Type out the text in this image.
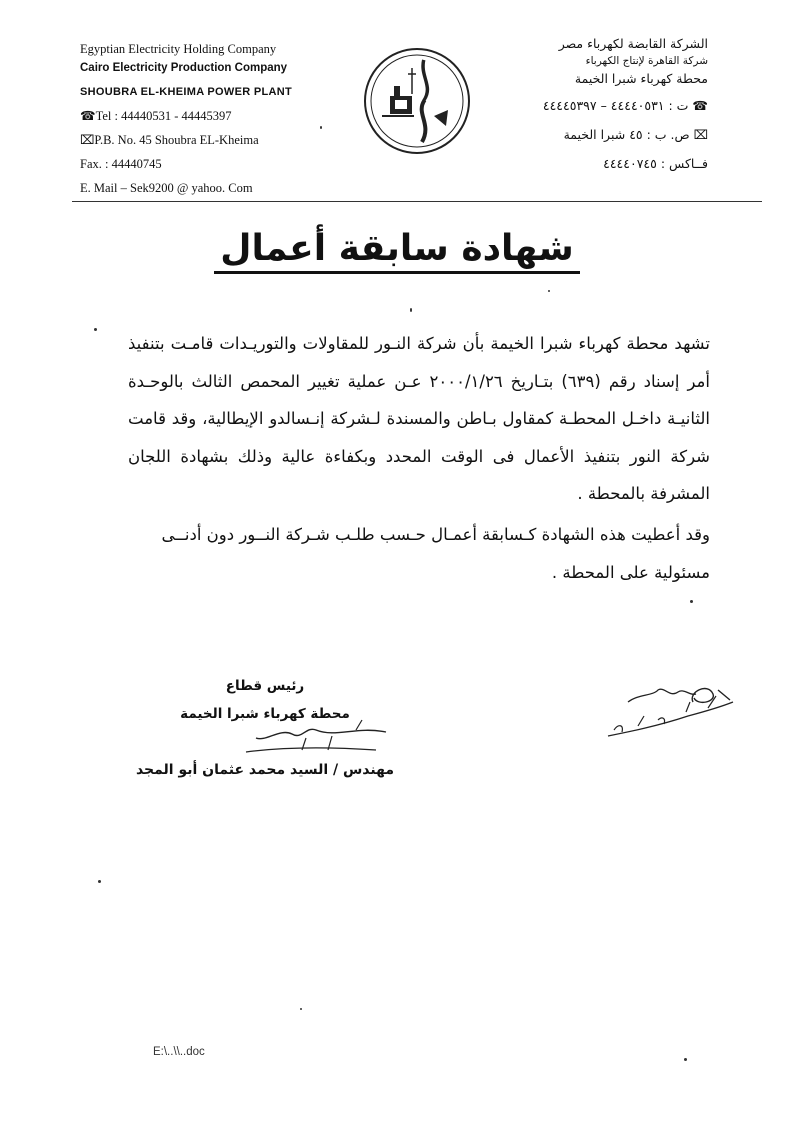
Egyptian Electricity Holding Company
Cairo Electricity Production Company
SHOUBRA EL-KHEIMA POWER PLANT
☎Tel : 44440531 - 44445397
⌧P.B. No. 45 Shoubra EL-Kheima
Fax. : 44440745
E. Mail – Sek9200 @ yahoo. Com
الشركة القابضة لكهرباء مصر
شركة القاهرة لإنتاج الكهرباء
محطة كهرباء شبرا الخيمة
☎ ت : ٤٤٤٤٠٥٣١ – ٤٤٤٤٥٣٩٧
⌧ ص. ب : ٤٥ شبرا الخيمة
فــاكس : ٤٤٤٤٠٧٤٥
شهادة سابقة أعمال

تشهد محطة كهرباء شبرا الخيمة بأن شركة النـور للمقاولات والتوريـدات قامـت بتنفيذ أمر إسناد رقم (٦٣٩) بتـاريخ ٢٠٠٠/١/٢٦ عـن عملية تغيير المحمص الثالث بالوحـدة الثانيـة داخـل المحطـة كمقاول بـاطن والمسندة لـشركة إنـسالدو الإيطالية، وقد قامت شركة النور بتنفيذ الأعمال فى الوقت المحدد وبكفاءة عالية وذلك بشهادة اللجان المشرفة بالمحطة .

وقد أعطيت هذه الشهادة كـسابقة أعمـال حـسب طلـب شـركة النــور دون أدنــى
مسئولية على المحطة .

رئيس قطاع
محطة كهرباء شبرا الخيمة
مهندس / السيد محمد عثمان أبو المجد
E:\..\\..doc
